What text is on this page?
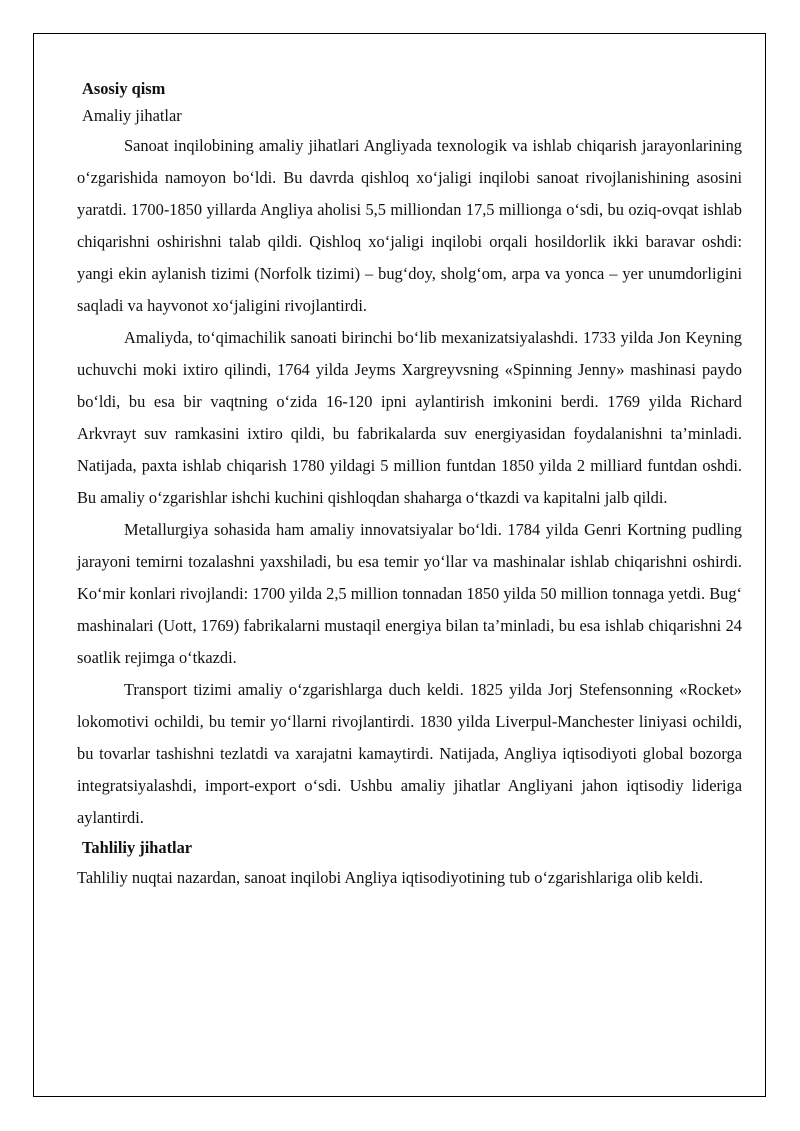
Asosiy qism

Amaliy jihatlar

Sanoat inqilobining amaliy jihatlari Angliyada texnologik va ishlab chiqarish jarayonlarining o‘zgarishida namoyon bo‘ldi. Bu davrda qishloq xo‘jaligi inqilobi sanoat rivojlanishining asosini yaratdi. 1700-1850 yillarda Angliya aholisi 5,5 milliondan 17,5 millionga o‘sdi, bu oziq-ovqat ishlab chiqarishni oshirishni talab qildi. Qishloq xo‘jaligi inqilobi orqali hosildorlik ikki baravar oshdi: yangi ekin aylanish tizimi (Norfolk tizimi) – bug‘doy, sholg‘om, arpa va yonca – yer unumdorligini saqladi va hayvonot xo‘jaligini rivojlantirdi.

Amaliyda, to‘qimachilik sanoati birinchi bo‘lib mexanizatsiyalashdi. 1733 yilda Jon Keyning uchuvchi moki ixtiro qilindi, 1764 yilda Jeyms Xargreyvsning «Spinning Jenny» mashinasi paydo bo‘ldi, bu esa bir vaqtning o‘zida 16-120 ipni aylantirish imkonini berdi. 1769 yilda Richard Arkvrayt suv ramkasini ixtiro qildi, bu fabrikalarda suv energiyasidan foydalanishni ta’minladi. Natijada, paxta ishlab chiqarish 1780 yildagi 5 million funtdan 1850 yilda 2 milliard funtdan oshdi. Bu amaliy o‘zgarishlar ishchi kuchini qishloqdan shaharga o‘tkazdi va kapitalni jalb qildi.

Metallurgiya sohasida ham amaliy innovatsiyalar bo‘ldi. 1784 yilda Genri Kortning pudling jarayoni temirni tozalashni yaxshiladi, bu esa temir yo‘llar va mashinalar ishlab chiqarishni oshirdi. Ko‘mir konlari rivojlandi: 1700 yilda 2,5 million tonnadan 1850 yilda 50 million tonnaga yetdi. Bug‘ mashinalari (Uott, 1769) fabrikalarni mustaqil energiya bilan ta’minladi, bu esa ishlab chiqarishni 24 soatlik rejimga o‘tkazdi.

Transport tizimi amaliy o‘zgarishlarga duch keldi. 1825 yilda Jorj Stefensonning «Rocket» lokomotivi ochildi, bu temir yo‘llarni rivojlantirdi. 1830 yilda Liverpul-Manchester liniyasi ochildi, bu tovarlar tashishni tezlatdi va xarajatni kamaytirdi. Natijada, Angliya iqtisodiyoti global bozorga integratsiyalashdi, import-export o‘sdi. Ushbu amaliy jihatlar Angliyani jahon iqtisodiy lideriga aylantirdi.

Tahliliy jihatlar

Tahliliy nuqtai nazardan, sanoat inqilobi Angliya iqtisodiyotining tub o‘zgarishlariga olib keldi.
